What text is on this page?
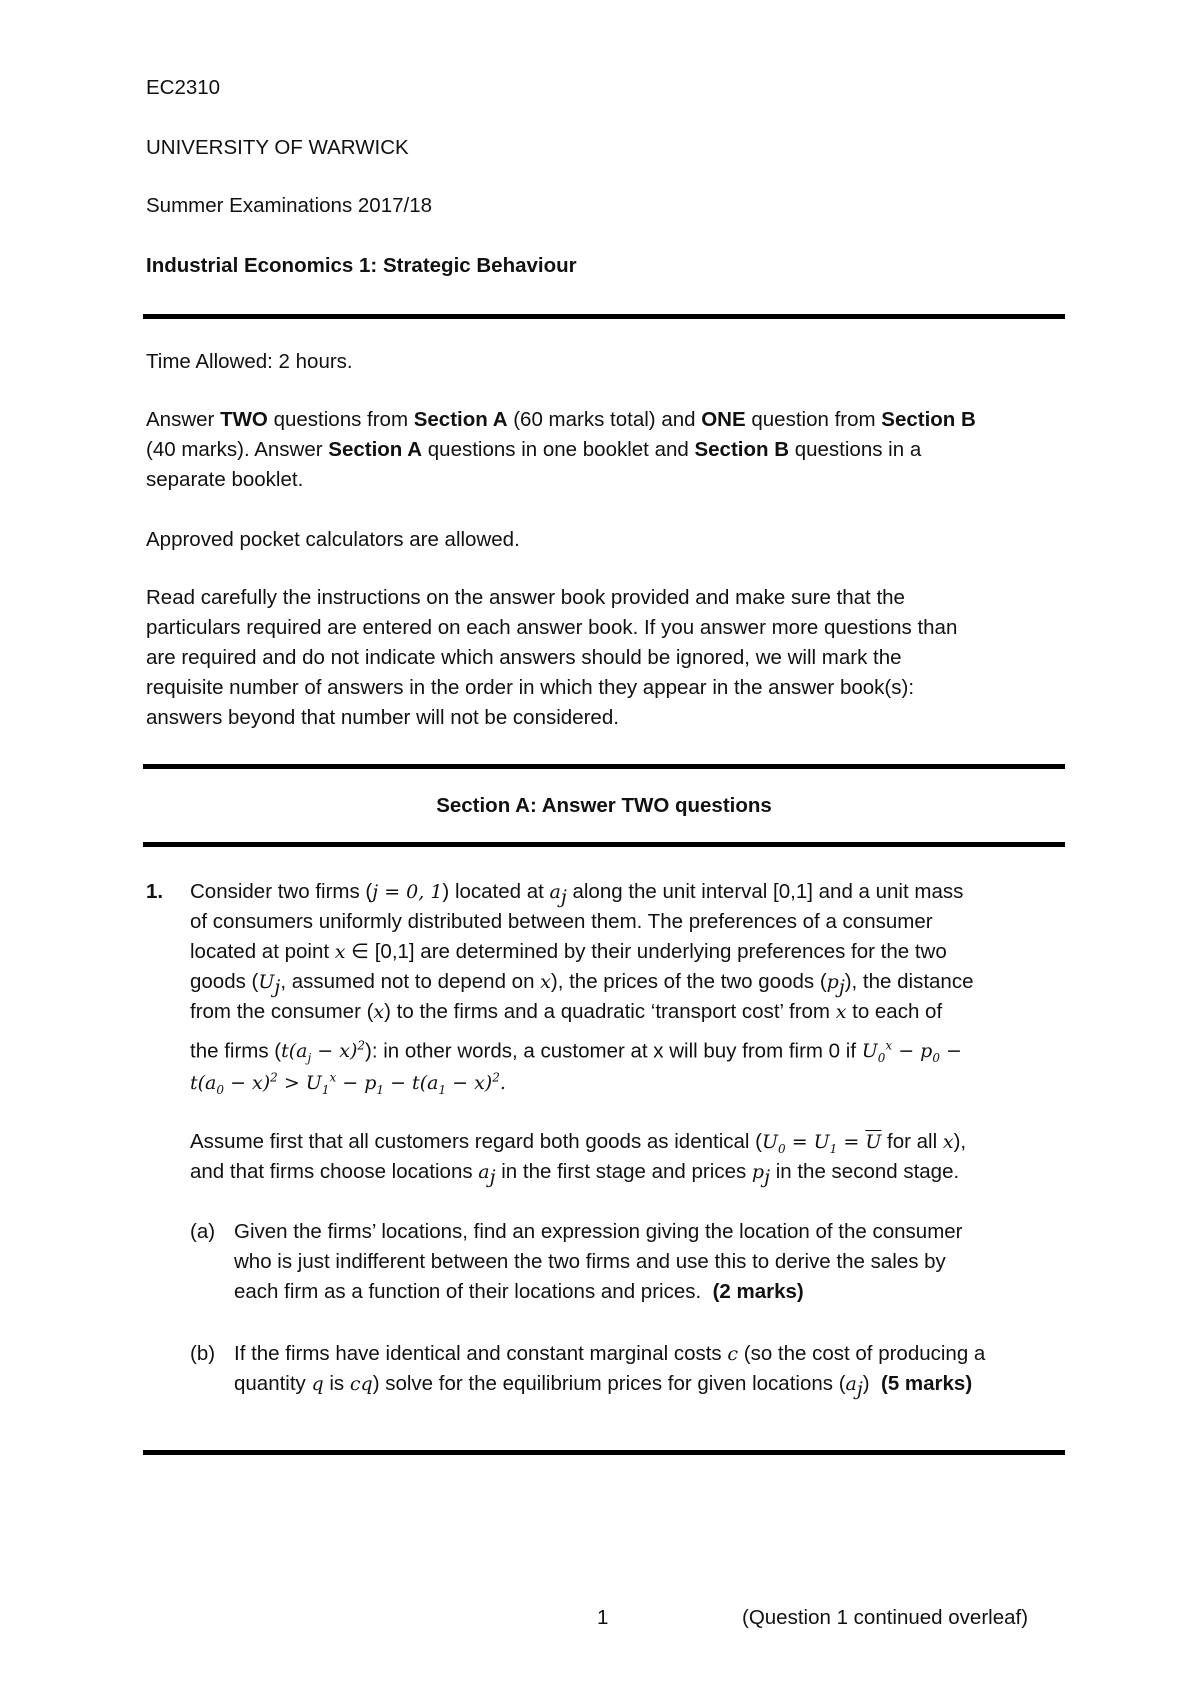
EC2310
UNIVERSITY OF WARWICK
Summer Examinations 2017/18
Industrial Economics 1: Strategic Behaviour
Time Allowed: 2 hours.
Answer TWO questions from Section A (60 marks total) and ONE question from Section B
(40 marks). Answer Section A questions in one booklet and Section B questions in a
separate booklet.
Approved pocket calculators are allowed.
Read carefully the instructions on the answer book provided and make sure that the
particulars required are entered on each answer book. If you answer more questions than
are required and do not indicate which answers should be ignored, we will mark the
requisite number of answers in the order in which they appear in the answer book(s):
answers beyond that number will not be considered.
Section A: Answer TWO questions
1. Consider two firms (j = 0, 1) located at $a_j$ along the unit interval [0,1] and a unit mass
of consumers uniformly distributed between them. The preferences of a consumer
located at point x ∈ [0,1] are determined by their underlying preferences for the two
goods ($U_j$, assumed not to depend on x), the prices of the two goods $(p_j)$, the distance
from the consumer (x) to the firms and a quadratic ‘transport cost’ from x to each of
the firms $(t(a_j - x)^2)$: in other words, a customer at x will buy from firm 0 if $U_0^x - p_0$ −
$t(a_0 - x)^2 > U_1^x - p_1 - t(a_1 - x)^2$.
Assume first that all customers regard both goods as identical ($U_0 = U_1 = \overline{U}$ for all x),
and that firms choose locations $a_j$ in the first stage and prices $p_j$ in the second stage.
(a) Given the firms’ locations, find an expression giving the location of the consumer
who is just indifferent between the two firms and use this to derive the sales by
each firm as a function of their locations and prices. (2 marks)
(b) If the firms have identical and constant marginal costs c (so the cost of producing a
quantity q is cq) solve for the equilibrium prices for given locations $(a_j)$ (5 marks)
1	(Question 1 continued overleaf)
